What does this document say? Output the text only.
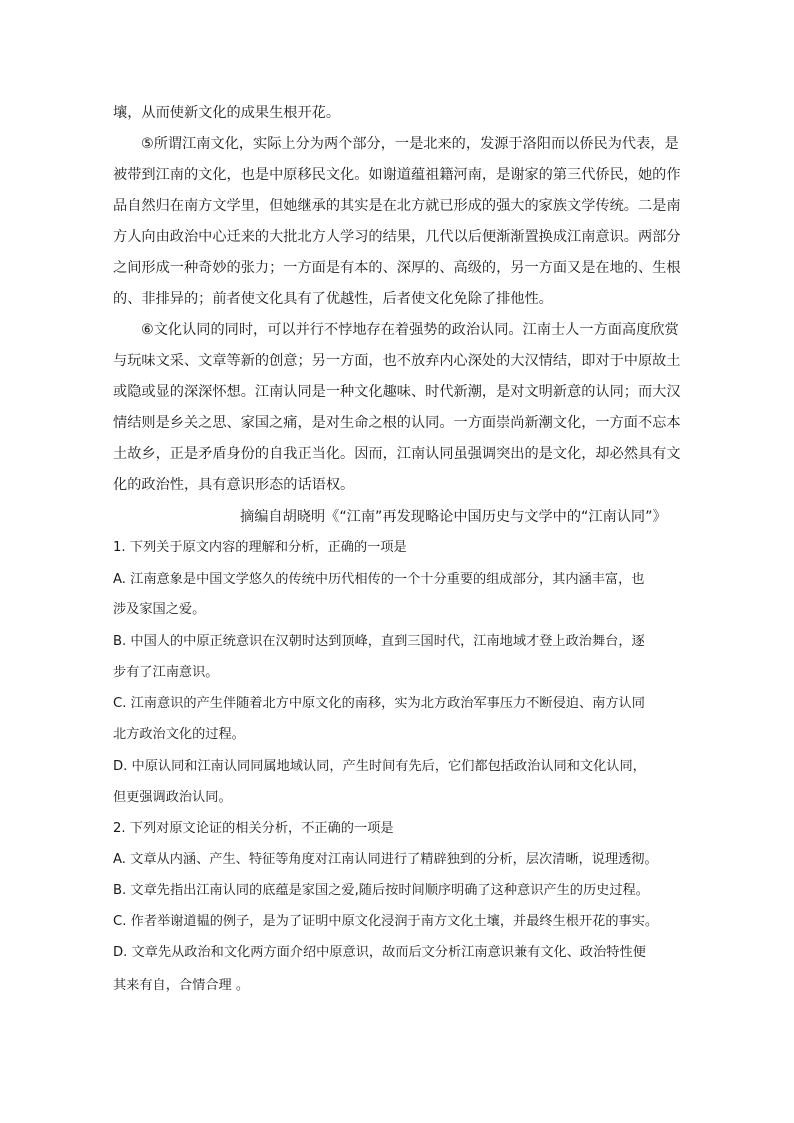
壤，从而使新文化的成果生根开花。
⑤所谓江南文化，实际上分为两个部分，一是北来的，发源于洛阳而以侨民为代表，是
被带到江南的文化，也是中原移民文化。如谢道蕴祖籍河南，是谢家的第三代侨民，她的作
品自然归在南方文学里，但她继承的其实是在北方就已形成的强大的家族文学传统。二是南
方人向由政治中心迁来的大批北方人学习的结果，几代以后便渐渐置换成江南意识。两部分
之间形成一种奇妙的张力；一方面是有本的、深厚的、高级的，另一方面又是在地的、生根
的、非排异的；前者使文化具有了优越性，后者使文化免除了排他性。
⑥文化认同的同时，可以并行不悖地存在着强势的政治认同。江南士人一方面高度欣赏
与玩味文采、文章等新的创意；另一方面，也不放弃内心深处的大汉情结，即对于中原故土
或隐或显的深深怀想。江南认同是一种文化趣味、时代新潮，是对文明新意的认同；而大汉
情结则是乡关之思、家国之痛，是对生命之根的认同。一方面崇尚新潮文化，一方面不忘本
土故乡，正是矛盾身份的自我正当化。因而，江南认同虽强调突出的是文化，却必然具有文
化的政治性，具有意识形态的话语权。
摘编自胡晓明《“江南”再发现略论中国历史与文学中的“江南认同”》
1. 下列关于原文内容的理解和分析，正确的一项是
A. 江南意象是中国文学悠久的传统中历代相传的一个十分重要的组成部分，其内涵丰富，也
涉及家国之爱。
B. 中国人的中原正统意识在汉朝时达到顶峰，直到三国时代，江南地域才登上政治舞台，逐
步有了江南意识。
C. 江南意识的产生伴随着北方中原文化的南移，实为北方政治军事压力不断侵迫、南方认同
北方政治文化的过程。
D. 中原认同和江南认同同属地域认同，产生时间有先后，它们都包括政治认同和文化认同，
但更强调政治认同。
2. 下列对原文论证的相关分析，不正确的一项是
A. 文章从内涵、产生、特征等角度对江南认同进行了精辟独到的分析，层次清晰，说理透彻。
B. 文章先指出江南认同的底蕴是家国之爱,随后按时间顺序明确了这种意识产生的历史过程。
C. 作者举谢道韫的例子，是为了证明中原文化浸润于南方文化土壤，并最终生根开花的事实。
D. 文章先从政治和文化两方面介绍中原意识，故而后文分析江南意识兼有文化、政治特性便
其来有自，合情合理 。
